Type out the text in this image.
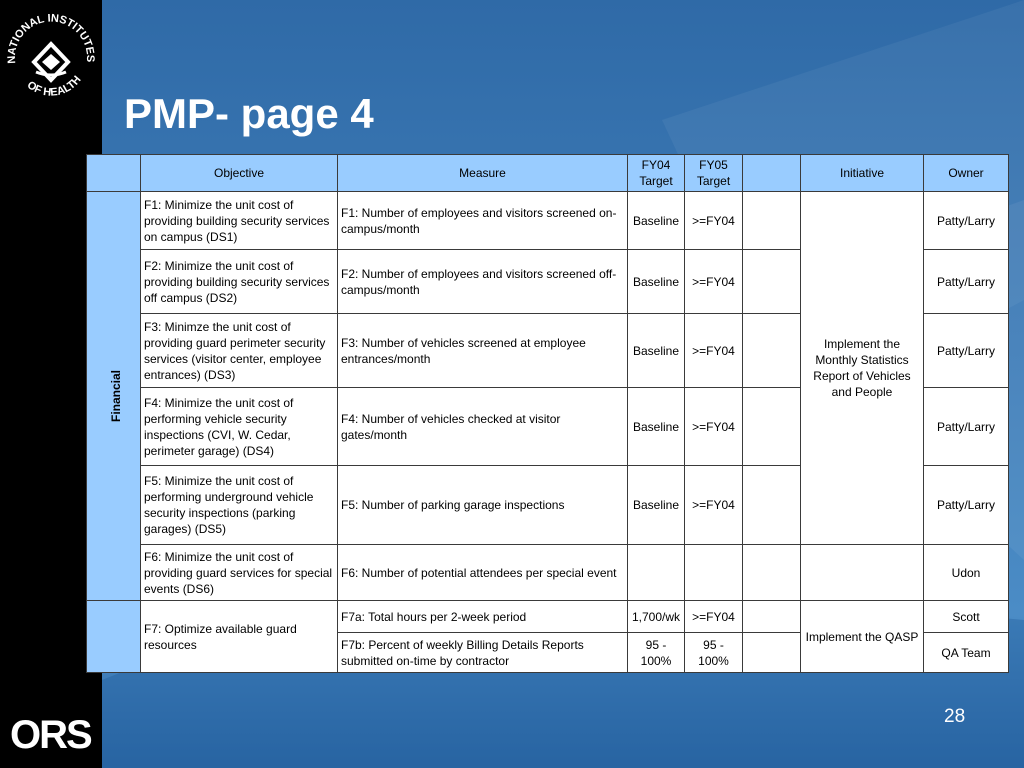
NATIONAL INSTITUTES
OF HEALTH
ORS
PMP- page 4
	Objective	Measure	FY04 Target	FY05 Target		Initiative	Owner
Financial	F1: Minimize the unit cost of providing building security services on campus (DS1)	F1: Number of employees and visitors screened on-campus/month	Baseline	>=FY04		Implement the Monthly Statistics Report of Vehicles and People	Patty/Larry
	F2: Minimize the unit cost of providing building security services off campus (DS2)	F2: Number of employees and visitors screened off-campus/month	Baseline	>=FY04			Patty/Larry
	F3: Minimze the unit cost of providing guard perimeter security services (visitor center, employee entrances) (DS3)	F3: Number of vehicles screened at employee entrances/month	Baseline	>=FY04			Patty/Larry
	F4: Minimize the unit cost of performing vehicle security inspections (CVI, W. Cedar, perimeter garage) (DS4)	F4: Number of vehicles checked at visitor gates/month	Baseline	>=FY04			Patty/Larry
	F5: Minimize the unit cost of performing underground vehicle security inspections (parking garages) (DS5)	F5: Number of parking garage inspections	Baseline	>=FY04			Patty/Larry
	F6: Minimize the unit cost of providing guard services for special events (DS6)	F6: Number of potential attendees per special event					Udon
	F7: Optimize available guard resources	F7a: Total hours per 2-week period	1,700/wk	>=FY04		Implement the QASP	Scott
		F7b: Percent of weekly Billing Details Reports submitted on-time by contractor	95 - 100%	95 - 100%			QA Team
28
